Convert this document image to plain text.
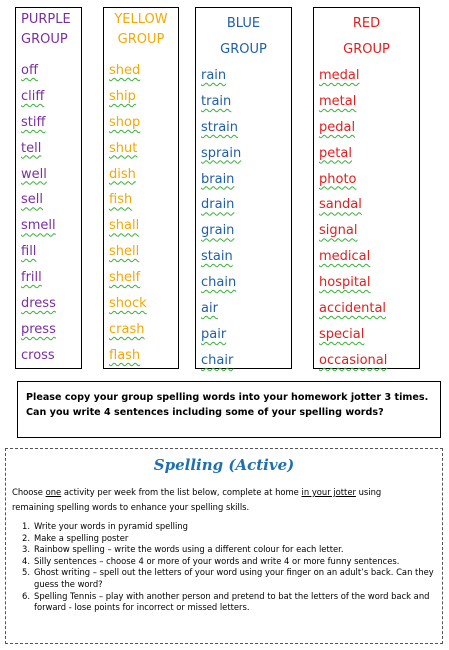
PURPLE
GROUP
off
cliff
stiff
tell
well
sell
smell
fill
frill
dress
press
cross
YELLOW
GROUP
shed
ship
shop
shut
dish
fish
shall
shell
shelf
shock
crash
flash
BLUE
GROUP
rain
train
strain
sprain
brain
drain
grain
stain
chain
air
pair
chair
RED
GROUP
medal
metal
pedal
petal
photo
sandal
signal
medical
hospital
accidental
special
occasional

Please copy your group spelling words into your homework jotter 3 times.

Can you write 4 sentences including some of your spelling words?

Spelling (Active)
Choose one activity per week from the list below, complete at home in your jotter using
remaining spelling words to enhance your spelling skills.
1. Write your words in pyramid spelling
2. Make a spelling poster
3. Rainbow spelling – write the words using a different colour for each letter.
4. Silly sentences – choose 4 or more of your words and write 4 or more funny sentences.
5. Ghost writing – spell out the letters of your word using your finger on an adult’s back. Can they guess the word?
6. Spelling Tennis – play with another person and pretend to bat the letters of the word back and forward - lose points for incorrect or missed letters.
